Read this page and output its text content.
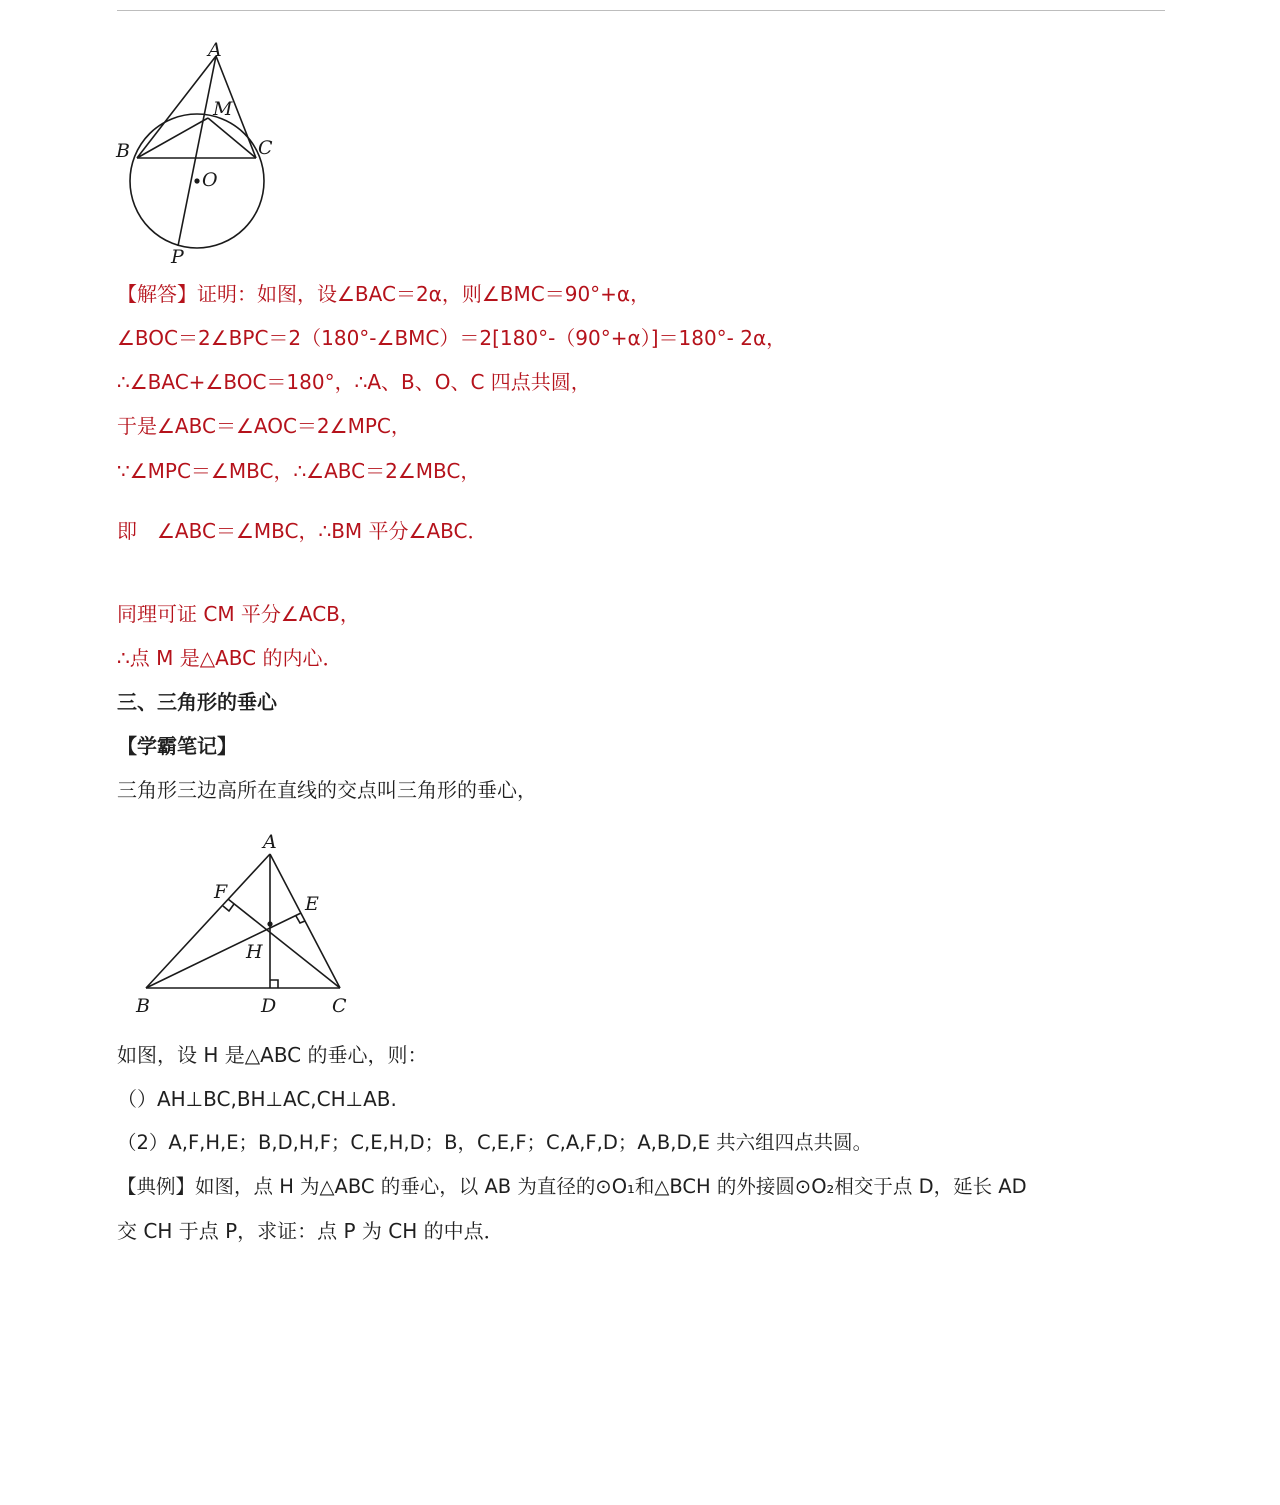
A
M
B	C
O
P
【解答】证明：如图，设∠BAC＝2α，则∠BMC＝90°+α，
∠BOC＝2∠BPC＝2（180°-∠BMC）＝2[180°-（90°+α）]＝180°- 2α，
∴∠BAC+∠BOC＝180°，∴A、B、O、C 四点共圆，
于是∠ABC＝∠AOC＝2∠MPC，
∵∠MPC＝∠MBC，∴∠ABC＝2∠MBC，
即　∠ABC＝∠MBC，∴BM 平分∠ABC．
同理可证 CM 平分∠ACB，
∴点 M 是△ABC 的内心．
三、三角形的垂心
【学霸笔记】
三角形三边高所在直线的交点叫三角形的垂心，
A
F
E
H
B	D	C
如图，设 H 是△ABC 的垂心，则：
（）AH⊥BC,BH⊥AC,CH⊥AB.
（2）A,F,H,E；B,D,H,F；C,E,H,D；B，C,E,F；C,A,F,D；A,B,D,E 共六组四点共圆。
【典例】如图，点 H 为△ABC 的垂心，以 AB 为直径的⊙O₁和△BCH 的外接圆⊙O₂相交于点 D，延长 AD
交 CH 于点 P，求证：点 P 为 CH 的中点．
